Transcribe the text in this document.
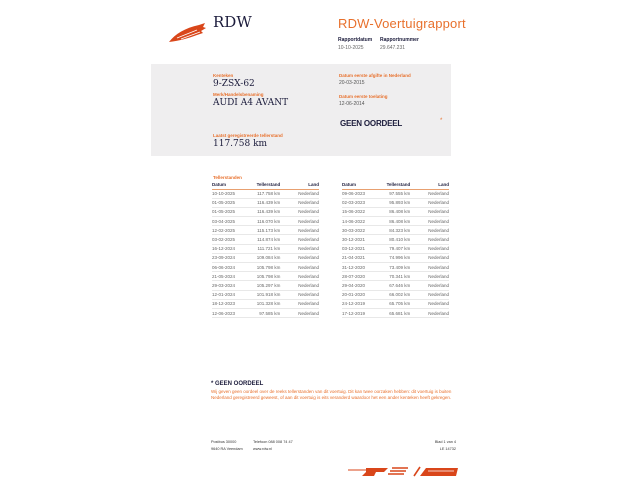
RDW	RDW-Voertuigrapport
Rapportdatum
10-10-2025
Rapportnummer
29.647.231
Kenteken
9-ZSX-62
Merk/Handelsbenaming
AUDI A4 AVANT
Laatst geregistreerde tellerstand
117.758 km
Datum eerste afgifte in Nederland
20-03-2015
Datum eerste toelating
12-06-2014
GEEN OORDEEL	*
Tellerstanden
Datum	Tellerstand	Land
10-10-2025	117.758 km	Nederland
01-05-2025	116.439 km	Nederland
01-05-2025	116.439 km	Nederland
03-04-2025	116.070 km	Nederland
12-02-2025	115.173 km	Nederland
03-02-2025	114.874 km	Nederland
16-12-2024	111.721 km	Nederland
23-09-2024	109.084 km	Nederland
06-06-2024	105.798 km	Nederland
21-05-2024	105.798 km	Nederland
29-03-2024	105.297 km	Nederland
12-01-2024	101.918 km	Nederland
18-12-2023	101.328 km	Nederland
12-06-2023	97.585 km	Nederland
Datum	Tellerstand	Land
09-06-2023	97.555 km	Nederland
02-03-2023	95.893 km	Nederland
15-06-2022	86.408 km	Nederland
14-06-2022	86.408 km	Nederland
30-03-2022	84.323 km	Nederland
30-12-2021	80.410 km	Nederland
03-12-2021	79.407 km	Nederland
21-04-2021	74.996 km	Nederland
31-12-2020	73.409 km	Nederland
28-07-2020	70.341 km	Nederland
29-04-2020	67.646 km	Nederland
20-01-2020	66.002 km	Nederland
24-12-2019	65.705 km	Nederland
17-12-2019	65.681 km	Nederland
* GEEN OORDEEL
Wij geven geen oordeel over de reeks tellerstanden van dit voertuig. Dit kan twee oorzaken hebben: dit voertuig is buiten Nederland geregistreerd geweest, of aan dit voertuig is eits veranderd waardoor het een ander kenteken heeft gekregen.
Postbus 30000
9640 RA Veendam
Telefoon 088 008 74 47
www.rdw.nl
Blad 1 van 4
LE 14732
